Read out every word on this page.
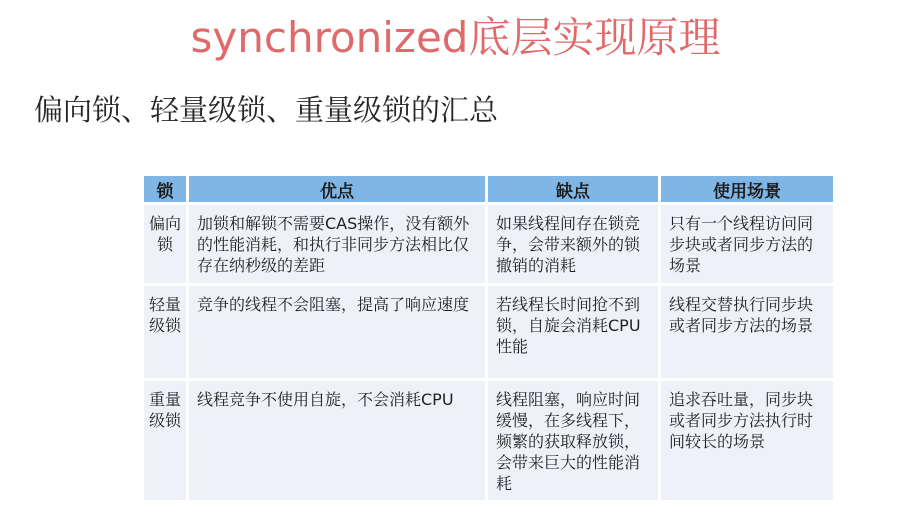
synchronized底层实现原理
偏向锁、轻量级锁、重量级锁的汇总
锁	优点	缺点	使用场景

偏向锁	加锁和解锁不需要CAS操作，没有额外的性能消耗，和执行非同步方法相比仅存在纳秒级的差距	如果线程间存在锁竞争，会带来额外的锁撤销的消耗	只有一个线程访问同步块或者同步方法的场景

轻量级锁	竞争的线程不会阻塞，提高了响应速度	若线程长时间抢不到锁，自旋会消耗CPU性能	线程交替执行同步块或者同步方法的场景

重量级锁	线程竞争不使用自旋，不会消耗CPU	线程阻塞，响应时间缓慢，在多线程下，频繁的获取释放锁，会带来巨大的性能消耗	追求吞吐量，同步块或者同步方法执行时间较长的场景
